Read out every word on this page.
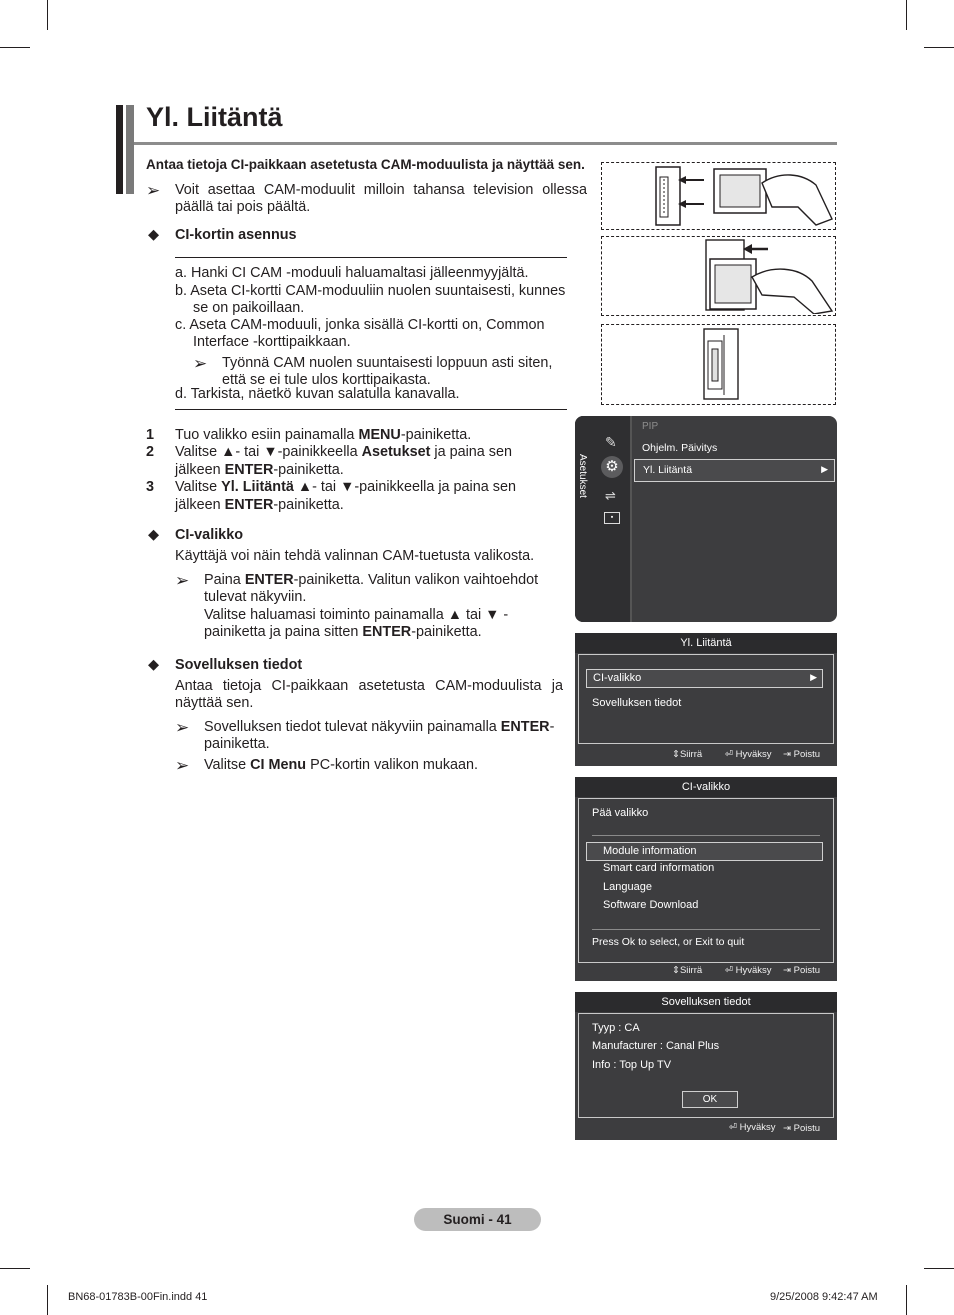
Yl. Liitäntä
Antaa tietoja CI-paikkaan asetetusta CAM-moduulista ja näyttää sen.
➢ Voit asettaa CAM-moduulit milloin tahansa television ollessa
päällä tai pois päältä.
◆ CI-kortin asennus
a. Hanki CI CAM -moduuli haluamaltasi jälleenmyyjältä.
b. Aseta CI-kortti CAM-moduuliin nuolen suuntaisesti, kunnes
se on paikoillaan.
c. Aseta CAM-moduuli, jonka sisällä CI-kortti on, Common
Interface -korttipaikkaan.
➢ Työnnä CAM nuolen suuntaisesti loppuun asti siten,
että se ei tule ulos korttipaikasta.
d. Tarkista, näetkö kuvan salatulla kanavalla.
1 Tuo valikko esiin painamalla MENU-painiketta.
2 Valitse ▲- tai ▼-painikkeella Asetukset ja paina sen
jälkeen ENTER-painiketta.
3 Valitse Yl. Liitäntä ▲- tai ▼-painikkeella ja paina sen
jälkeen ENTER-painiketta.
◆ CI-valikko
Käyttäjä voi näin tehdä valinnan CAM-tuetusta valikosta.
➢ Paina ENTER-painiketta. Valitun valikon vaihtoehdot
tulevat näkyviin.
Valitse haluamasi toiminto painamalla ▲ tai ▼ -
painiketta ja paina sitten ENTER-painiketta.
◆ Sovelluksen tiedot
Antaa tietoja CI-paikkaan asetetusta CAM-moduulista ja
näyttää sen.
➢ Sovelluksen tiedot tulevat näkyviin painamalla ENTER-
painiketta.
➢ Valitse CI Menu PC-kortin valikon mukaan.
Asetukset
✎
⚙
⇌
▪
PIP
Ohjelm. Päivitys
Yl. Liitäntä	▶
Yl. Liitäntä
CI-valikko	▶
Sovelluksen tiedot
⇕Siirrä ⏎ Hyväksy ⇥ Poistu
CI-valikko
Pää valikko
Module information
Smart card information
Language
Software Download
Press Ok to select, or Exit to quit
⇕Siirrä ⏎ Hyväksy ⇥ Poistu
Sovelluksen tiedot
Tyyp : CA
Manufacturer : Canal Plus
Info : Top Up TV
OK
⏎ Hyväksy ⇥ Poistu
Suomi - 41
BN68-01783B-00Fin.indd 41	9/25/2008 9:42:47 AM
